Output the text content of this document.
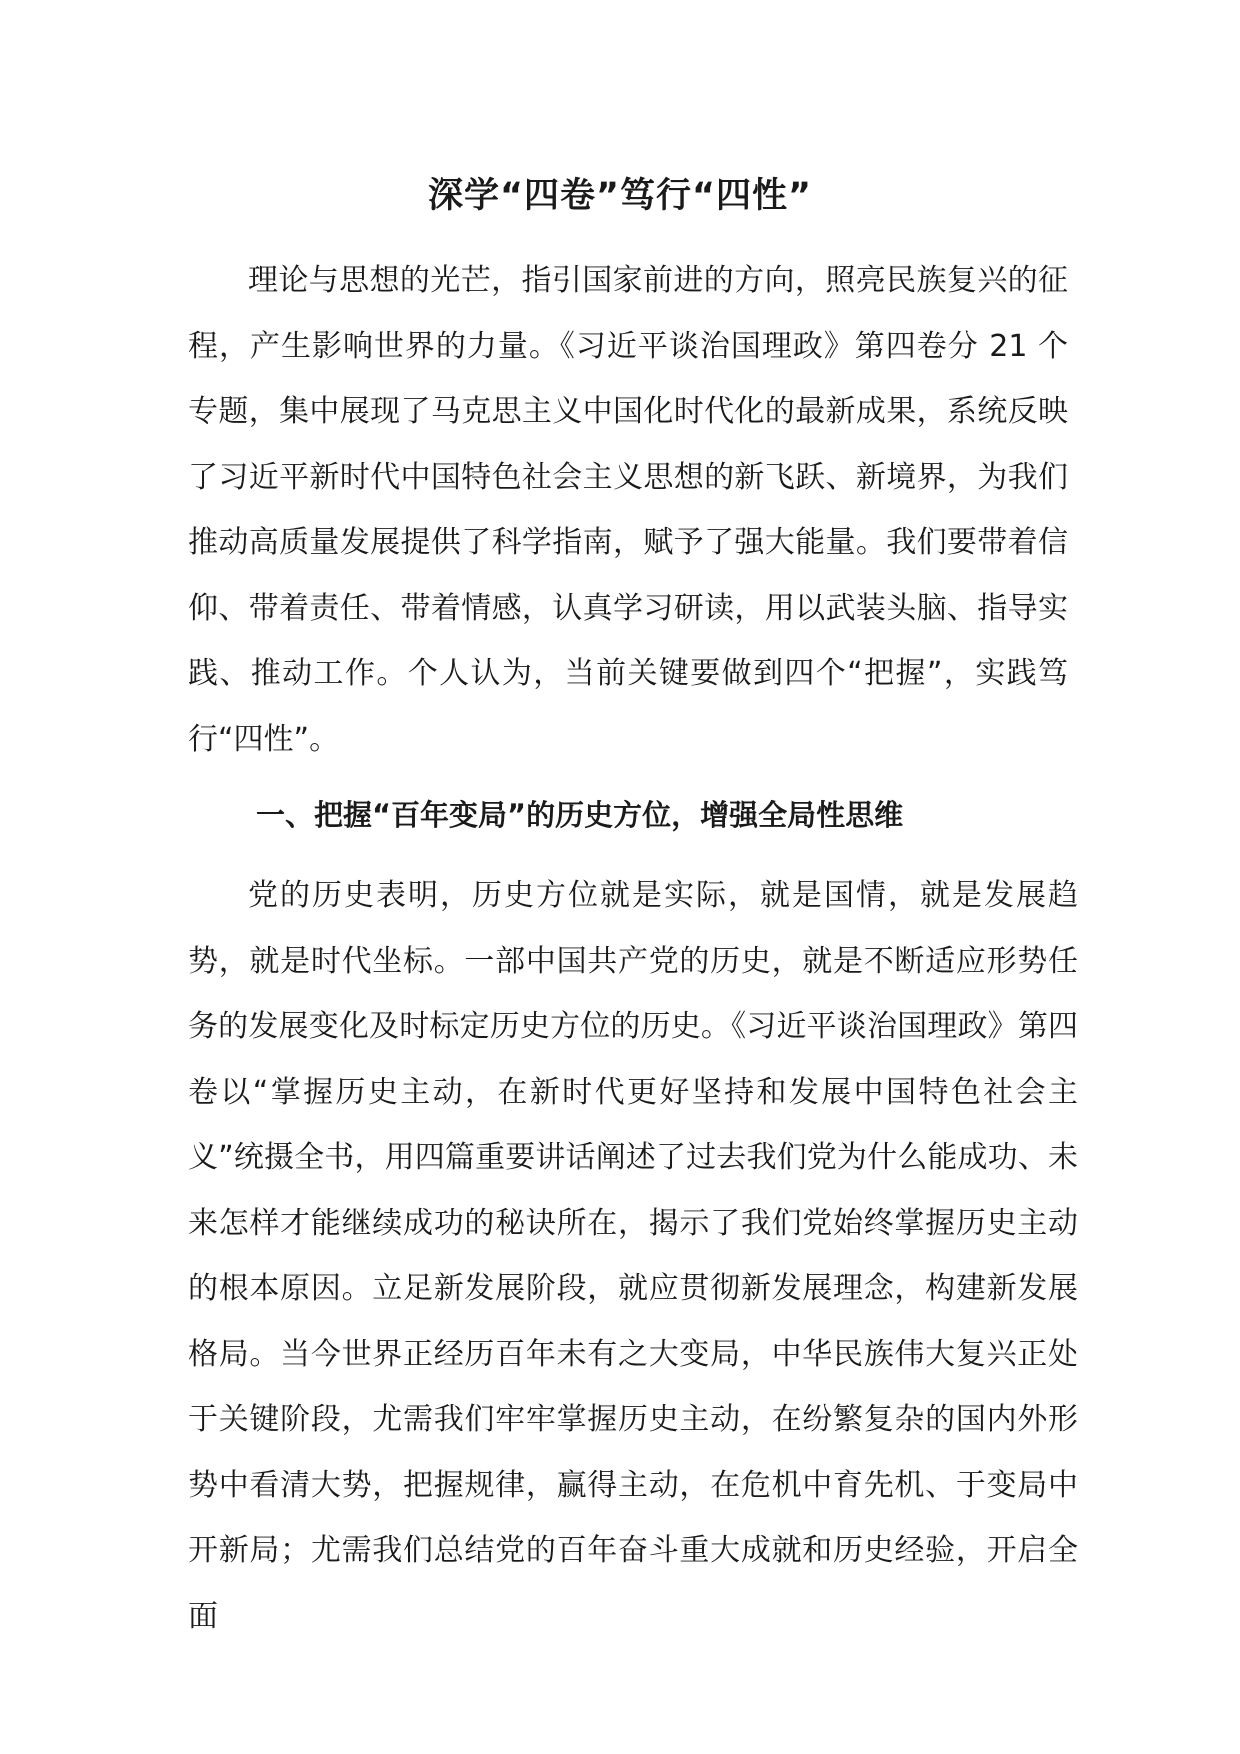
深学“四卷”笃行“四性”

理论与思想的光芒，指引国家前进的方向，照亮民族复兴的征程，产生影响世界的力量。《习近平谈治国理政》第四卷分 21 个专题，集中展现了马克思主义中国化时代化的最新成果，系统反映了习近平新时代中国特色社会主义思想的新飞跃、新境界，为我们推动高质量发展提供了科学指南，赋予了强大能量。我们要带着信仰、带着责任、带着情感，认真学习研读，用以武装头脑、指导实践、推动工作。个人认为，当前关键要做到四个“把握”，实践笃行“四性”。

一、把握“百年变局”的历史方位，增强全局性思维

党的历史表明，历史方位就是实际，就是国情，就是发展趋势，就是时代坐标。一部中国共产党的历史，就是不断适应形势任务的发展变化及时标定历史方位的历史。《习近平谈治国理政》第四卷以“掌握历史主动，在新时代更好坚持和发展中国特色社会主义”统摄全书，用四篇重要讲话阐述了过去我们党为什么能成功、未来怎样才能继续成功的秘诀所在，揭示了我们党始终掌握历史主动的根本原因。立足新发展阶段，就应贯彻新发展理念，构建新发展格局。当今世界正经历百年未有之大变局，中华民族伟大复兴正处于关键阶段，尤需我们牢牢掌握历史主动，在纷繁复杂的国内外形势中看清大势，把握规律，赢得主动，在危机中育先机、于变局中开新局；尤需我们总结党的百年奋斗重大成就和历史经验，开启全面
